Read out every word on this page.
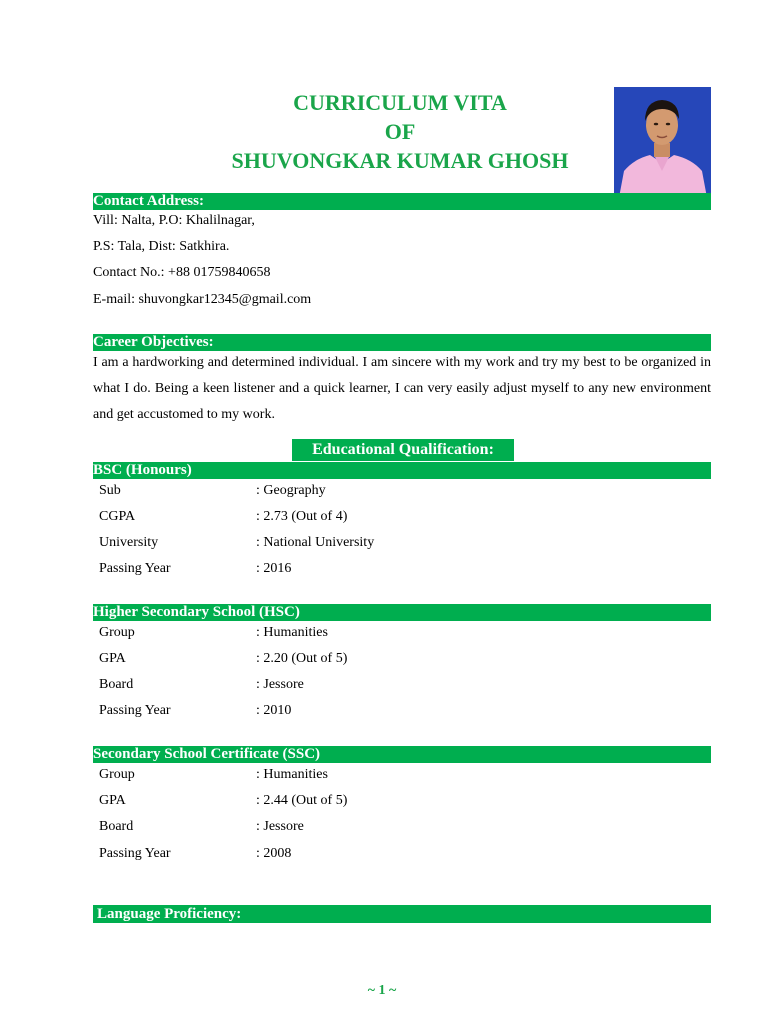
CURRICULUM VITA
OF
SHUVONGKAR KUMAR GHOSH
Contact Address:
Vill: Nalta, P.O: Khalilnagar,
P.S: Tala, Dist: Satkhira.
Contact No.: +88 01759840658
E-mail: shuvongkar12345@gmail.com
Career Objectives:
I am a hardworking and determined individual. I am sincere with my work and try my best to be organized in what I do. Being a keen listener and a quick learner, I can very easily adjust myself to any new environment and get accustomed to my work.
Educational Qualification:
BSC (Honours)
Sub	: Geography
CGPA	: 2.73 (Out of 4)
University	: National University
Passing Year	: 2016
Higher Secondary School (HSC)
Group	: Humanities
GPA	: 2.20 (Out of 5)
Board	: Jessore
Passing Year	: 2010
Secondary School Certificate (SSC)
Group	: Humanities
GPA	: 2.44 (Out of 5)
Board	: Jessore
Passing Year	: 2008
Language Proficiency:
~ 1 ~
